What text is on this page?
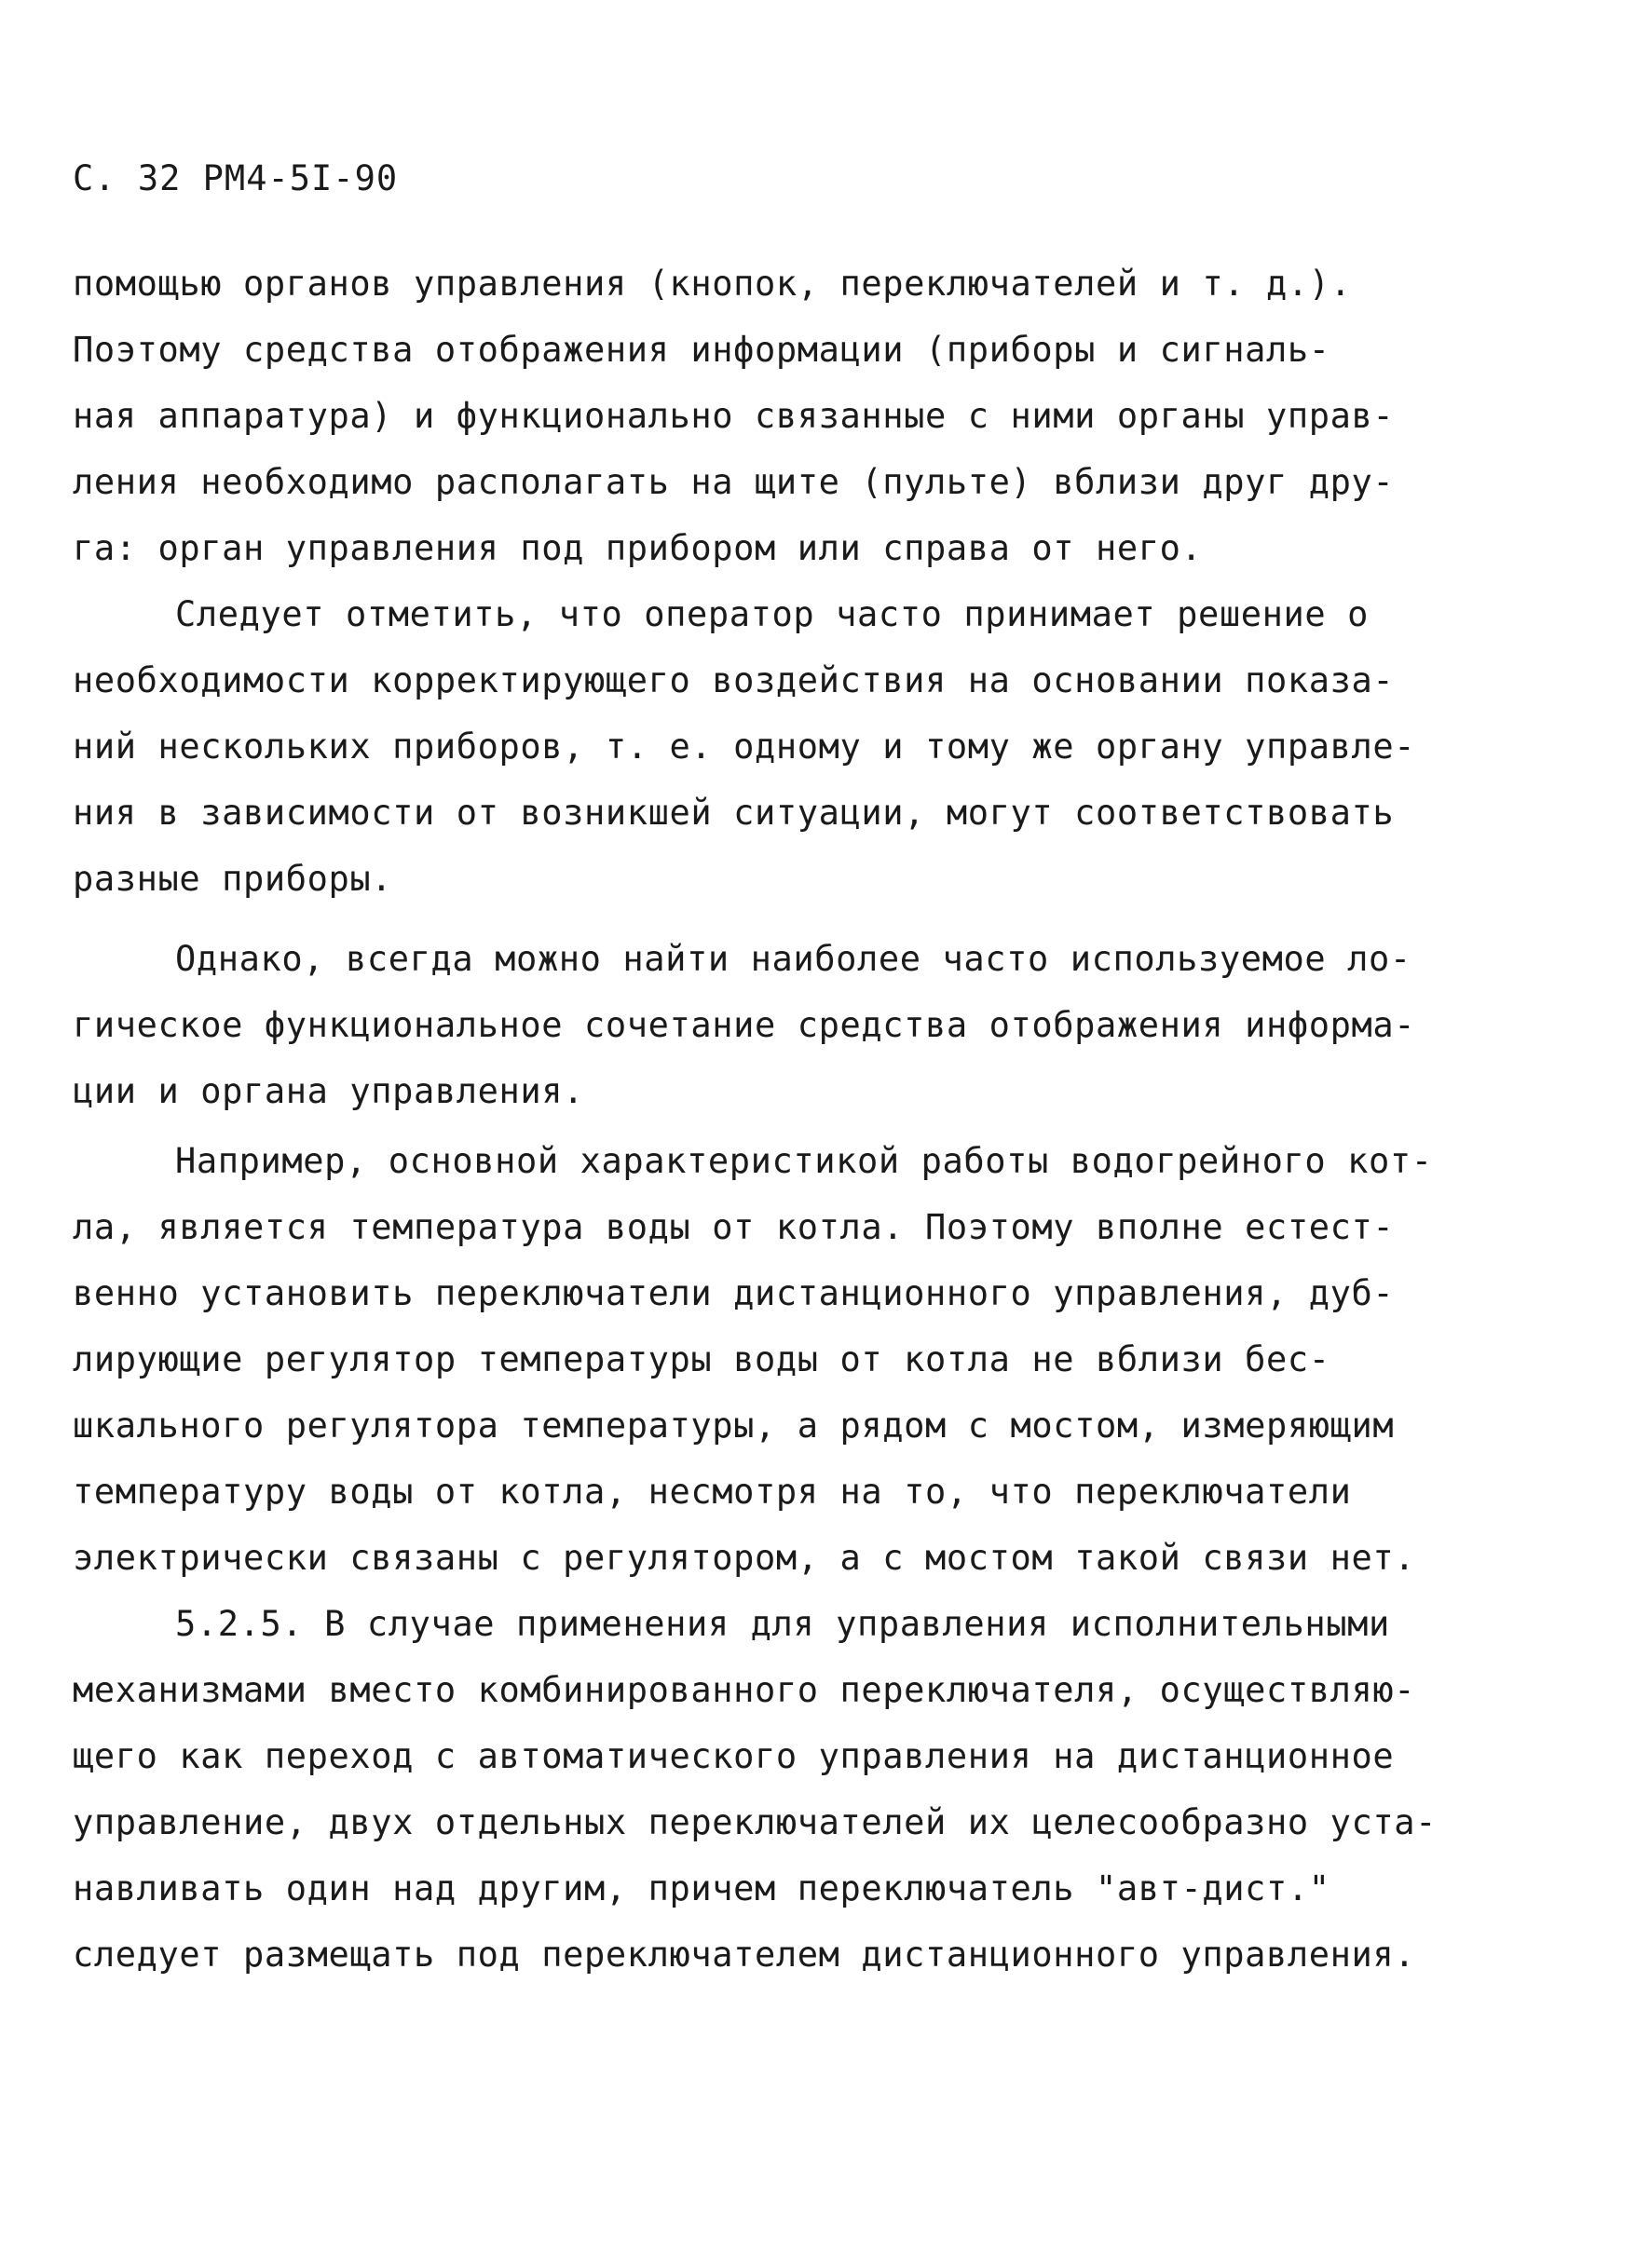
С. 32 РМ4-5I-90
помощью органов управления (кнопок, переключателей и т. д.).
Поэтому средства отображения информации (приборы и сигналь-
ная аппаратура) и функционально связанные с ними органы управ-
ления необходимо располагать на щите (пульте) вблизи друг дру-
га: орган управления под прибором или справа от него.
Следует отметить, что оператор часто принимает решение о
необходимости корректирующего воздействия на основании показа-
ний нескольких приборов, т. е. одному и тому же органу управле-
ния в зависимости от возникшей ситуации, могут соответствовать
разные приборы.
Однако, всегда можно найти наиболее часто используемое ло-
гическое функциональное сочетание средства отображения информа-
ции и органа управления.
Например, основной характеристикой работы водогрейного кот-
ла, является температура воды от котла. Поэтому вполне естест-
венно установить переключатели дистанционного управления, дуб-
лирующие регулятор температуры воды от котла не вблизи бес-
шкального регулятора температуры, а рядом с мостом, измеряющим
температуру воды от котла, несмотря на то, что переключатели
электрически связаны с регулятором, а с мостом такой связи нет.
5.2.5. В случае применения для управления исполнительными
механизмами вместо комбинированного переключателя, осуществляю-
щего как переход с автоматического управления на дистанционное
управление, двух отдельных переключателей их целесообразно уста-
навливать один над другим, причем переключатель "авт-дист."
следует размещать под переключателем дистанционного управления.
